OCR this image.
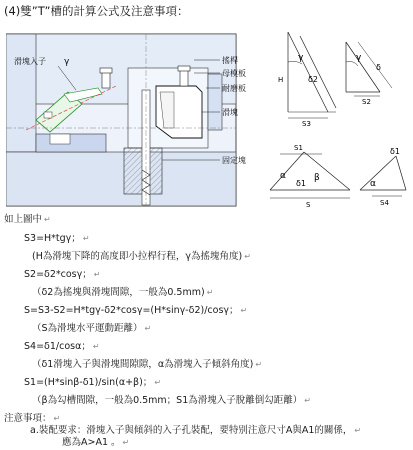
(4)雙”T”槽的計算公式及注意事項：
滑塊入子 γ	搖桿
母模板
耐磨板
滑塊
固定塊
γ
δ2
S3
H
γ
S2
δ
S1
α	β
δ1
S
δ1
α
S4
如上圖中 ↵
S3=H*tgγ； ↵
(H為滑塊下降的高度即小拉桿行程，γ為搖塊角度) ↵
S2=δ2*cosγ； ↵
（δ2為搖塊與滑塊間隙，一般為0.5mm) ↵
S=S3-S2=H*tgγ-δ2*cosγ=(H*sinγ-δ2)/cosγ； ↵
（S為滑塊水平運動距離） ↵
S4=δ1/cosα； ↵
（δ1滑塊入子與滑塊間隙隙，α為滑塊入子傾斜角度) ↵
S1=(H*sinβ-δ1)/sin(α+β)； ↵
（β為勾槽間隙，一般為0.5mm；S1為滑塊入子脫離倒勾距離） ↵
注意事項： ↵
a.裝配要求：滑塊入子與傾斜的入子孔裝配，要特别注意尺寸A與A1的關係， ↵
應為A>A1 。 ↵
